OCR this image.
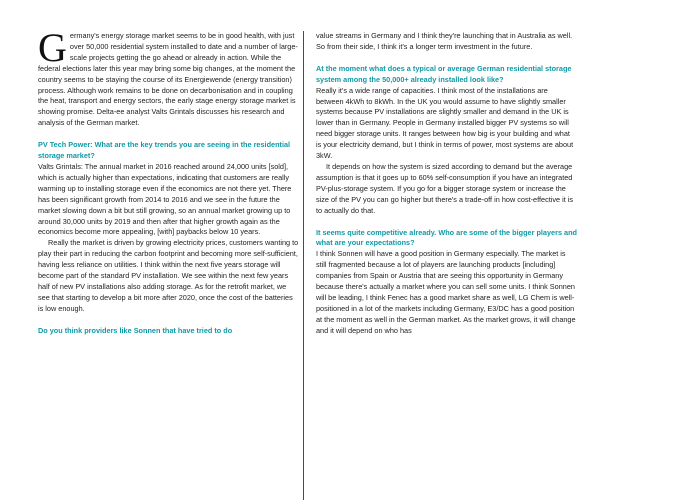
Germany's energy storage market seems to be in good health, with just over 50,000 residential system installed to date and a number of large-scale projects getting the go ahead or already in action. While the federal elections later this year may bring some big changes, at the moment the country seems to be staying the course of its Energiewende (energy transition) process. Although work remains to be done on decarbonisation and in coupling the heat, transport and energy sectors, the early stage energy storage market is showing promise. Delta-ee analyst Valts Grintals discusses his research and analysis of the German market.

PV Tech Power: What are the key trends you are seeing in the residential storage market?

Valts Grintals: The annual market in 2016 reached around 24,000 units [sold], which is actually higher than expectations, indicating that customers are really warming up to installing storage even if the economics are not there yet. There has been significant growth from 2014 to 2016 and we see in the future the market slowing down a bit but still growing, so an annual market growing up to around 30,000 units by 2019 and then after that higher growth again as the economics become more appealing, [with] paybacks below 10 years.

Really the market is driven by growing electricity prices, customers wanting to play their part in reducing the carbon footprint and becoming more self-sufficient, having less reliance on utilities. I think within the next five years storage will become part of the standard PV installation. We see within the next few years half of new PV installations also adding storage. As for the retrofit market, we see that starting to develop a bit more after 2020, once the cost of the batteries is low enough.

Do you think providers like Sonnen that have tried to do

value streams in Germany and I think they're launching that in Australia as well. So from their side, I think it's a longer term investment in the future.

At the moment what does a typical or average German residential storage system among the 50,000+ already installed look like?

Really it's a wide range of capacities. I think most of the installations are between 4kWh to 8kWh. In the UK you would assume to have slightly smaller systems because PV installations are slightly smaller and demand in the UK is lower than in Germany. People in Germany installed bigger PV systems so will need bigger storage units. It ranges between how big is your building and what is your electricity demand, but I think in terms of power, most systems are about 3kW.

It depends on how the system is sized according to demand but the average assumption is that it goes up to 60% self-consumption if you have an integrated PV-plus-storage system. If you go for a bigger storage system or increase the size of the PV you can go higher but there's a trade-off in how cost-effective it is to actually do that.

It seems quite competitive already. Who are some of the bigger players and what are your expectations?

I think Sonnen will have a good position in Germany especially. The market is still fragmented because a lot of players are launching products [including] companies from Spain or Austria that are seeing this opportunity in Germany because there's actually a market where you can sell some units. I think Sonnen will be leading, I think Fenec has a good market share as well, LG Chem is well-positioned in a lot of the markets including Germany, E3/DC has a good position at the moment as well in the German market. As the market grows, it will change and it will depend on who has
